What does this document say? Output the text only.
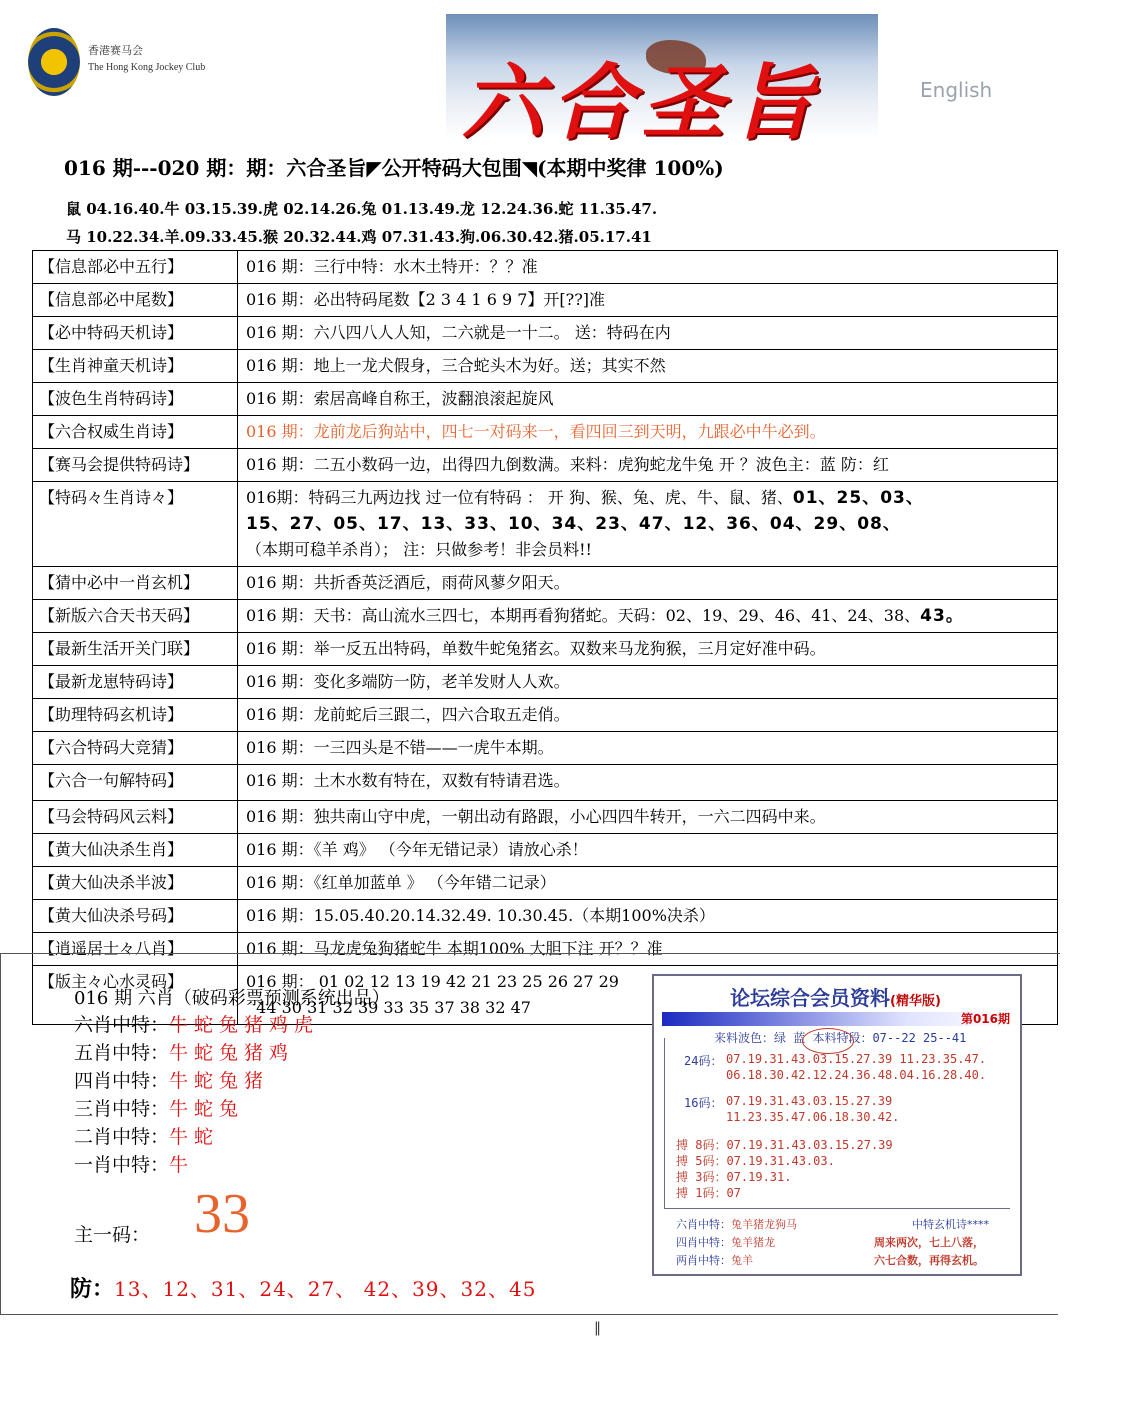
香港赛马会
The Hong Kong Jockey Club	六合圣旨	English
016 期---020 期：期：六合圣旨◤公开特码大包围◥(本期中奖律 100%)
鼠 04.16.40.牛 03.15.39.虎 02.14.26.兔 01.13.49.龙 12.24.36.蛇 11.35.47.
马 10.22.34.羊.09.33.45.猴 20.32.44.鸡 07.31.43.狗.06.30.42.猪.05.17.41
【信息部必中五行】	016 期：三行中特：水木土特开：？？准
【信息部必中尾数】	016 期：必出特码尾数【2 3 4 1 6 9 7】开[??]准
【必中特码天机诗】	016 期：六八四八人人知，二六就是一十二。 送：特码在内
【生肖神童天机诗】	016 期：地上一龙犬假身，三合蛇头木为好。送；其实不然
【波色生肖特码诗】	016 期：索居高峰自称王，波翻浪滚起旋风
【六合权威生肖诗】	016 期：龙前龙后狗站中，四七一对码来一，看四回三到天明，九跟必中牛必到。
【赛马会提供特码诗】	016 期：二五小数码一边，出得四九倒数满。来料：虎狗蛇龙牛兔 开 ？波色主：蓝 防：红
【特码々生肖诗々】	016期：特码三九两边找 过一位有特码 ： 开 狗、猴、兔、虎、牛、鼠、猪、01、25、03、
15、27、05、17、13、33、10、34、23、47、12、36、04、29、08、
（本期可稳羊杀肖）； 注：只做参考！非会员料!!
【猜中必中一肖玄机】	016 期：共折香英泛酒卮，雨荷风蓼夕阳天。
【新版六合天书天码】	016 期：天书：高山流水三四七，本期再看狗猪蛇。天码：02、19、29、46、41、24、38、43。
【最新生活开关门联】	016 期：举一反五出特码，单数牛蛇兔猪玄。双数来马龙狗猴，三月定好准中码。
【最新龙崽特码诗】	016 期：变化多端防一防，老羊发财人人欢。
【助理特码玄机诗】	016 期：龙前蛇后三跟二，四六合取五走俏。
【六合特码大竞猜】	016 期：一三四头是不错——一虎牛本期。
【六合一句解特码】	016 期：土木水数有特在，双数有特请君选。
【马会特码风云料】	016 期：独共南山守中虎，一朝出动有路跟，小心四四牛转开，一六二四码中来。
【黄大仙决杀生肖】	016 期：《羊 鸡》 （今年无错记录）请放心杀！
【黄大仙决杀半波】	016 期：《红单加蓝单 》 （今年错二记录）
【黄大仙决杀号码】	016 期：15.05.40.20.14.32.49. 10.30.45.（本期100%决杀）
【逍遥居士々八肖】	016 期：马龙虎兔狗猪蛇牛 本期100% 大胆下注 开？？准
【版主々心水灵码】	016 期： 01 02 12 13 19 42 21 23 25 26 27 29
44 30 31 32 39 33 35 37 38 32 47
016 期 六肖（破码彩票预测系统出品）
六肖中特：牛蛇兔猪鸡虎
五肖中特：牛蛇兔猪鸡
四肖中特：牛蛇兔猪
三肖中特：牛蛇兔
二肖中特：牛蛇
一肖中特：牛
主一码： 33
防：13、12、31、24、27、 42、39、32、45
论坛综合会员资料(精华版)
第016期
来料波色：绿 蓝 本料特段：07--22 25--41
24码： 07.19.31.43.03.15.27.39 11.23.35.47.
06.18.30.42.12.24.36.48.04.16.28.40.
16码： 07.19.31.43.03.15.27.39
11.23.35.47.06.18.30.42.
搏 8码：07.19.31.43.03.15.27.39
搏 5码：07.19.31.43.03.
搏 3码：07.19.31.
搏 1码：07
六肖中特：兔羊猪龙狗马
四肖中特：兔羊猪龙
两肖中特：兔羊
中特玄机诗****
周来两次，七上八落，
六七合数，再得玄机。
‖
